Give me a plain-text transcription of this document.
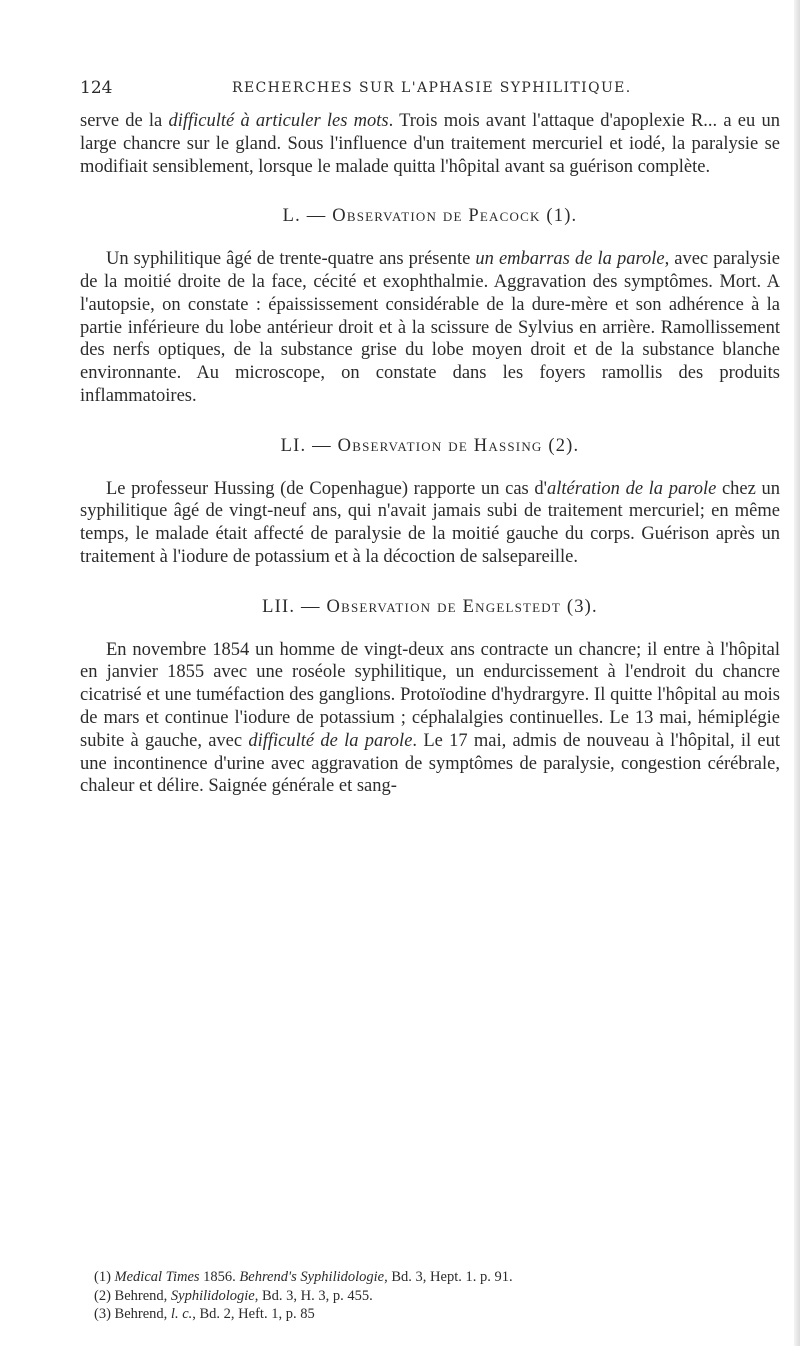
124	RECHERCHES SUR L'APHASIE SYPHILITIQUE.

serve de la difficulté à articuler les mots. Trois mois avant l'attaque d'apoplexie R... a eu un large chancre sur le gland. Sous l'influence d'un traitement mercuriel et iodé, la paralysie se modifiait sensiblement, lorsque le malade quitta l'hôpital avant sa guérison complète.

L. — Observation de Peacock (1).

Un syphilitique âgé de trente-quatre ans présente un embarras de la parole, avec paralysie de la moitié droite de la face, cécité et exophthalmie. Aggravation des symptômes. Mort. A l'autopsie, on constate : épaississement considérable de la dure-mère et son adhérence à la partie inférieure du lobe antérieur droit et à la scissure de Sylvius en arrière. Ramollissement des nerfs optiques, de la substance grise du lobe moyen droit et de la substance blanche environnante. Au microscope, on constate dans les foyers ramollis des produits inflammatoires.

LI. — Observation de Hassing (2).

Le professeur Hussing (de Copenhague) rapporte un cas d'altération de la parole chez un syphilitique âgé de vingt-neuf ans, qui n'avait jamais subi de traitement mercuriel; en même temps, le malade était affecté de paralysie de la moitié gauche du corps. Guérison après un traitement à l'iodure de potassium et à la décoction de salsepareille.

LII. — Observation de Engelstedt (3).

En novembre 1854 un homme de vingt-deux ans contracte un chancre; il entre à l'hôpital en janvier 1855 avec une roséole syphilitique, un endurcissement à l'endroit du chancre cicatrisé et une tuméfaction des ganglions. Protoïodine d'hydrargyre. Il quitte l'hôpital au mois de mars et continue l'iodure de potassium ; céphalalgies continuelles. Le 13 mai, hémiplégie subite à gauche, avec difficulté de la parole. Le 17 mai, admis de nouveau à l'hôpital, il eut une incontinence d'urine avec aggravation de symptômes de paralysie, congestion cérébrale, chaleur et délire. Saignée générale et sang-

(1) Medical Times 1856. Behrend's Syphilidologie, Bd. 3, Hept. 1. p. 91.
(2) Behrend, Syphilidologie, Bd. 3, H. 3, p. 455.
(3) Behrend, l. c., Bd. 2, Heft. 1, p. 85
